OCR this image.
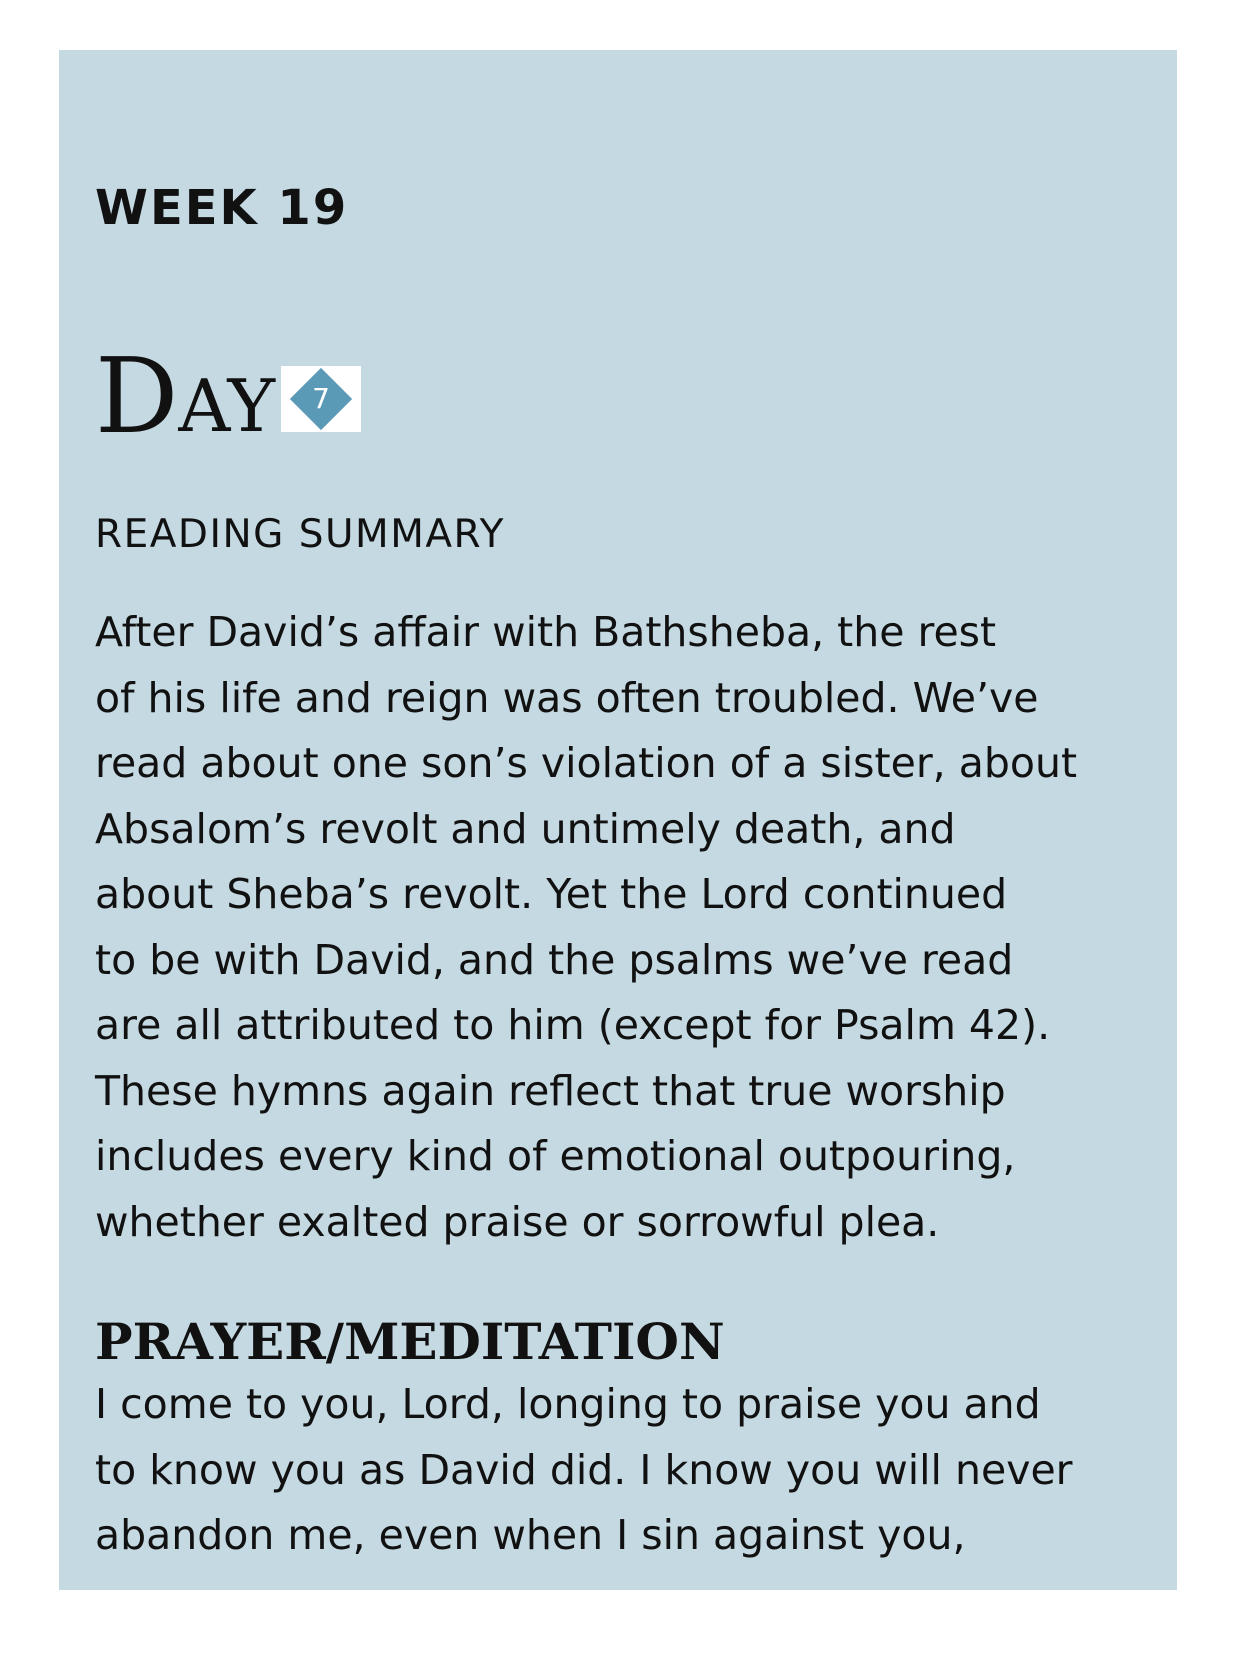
WEEK 19
D AY	7
READING SUMMARY

After David’s affair with Bathsheba, the rest
of his life and reign was often troubled. We’ve
read about one son’s violation of a sister, about
Absalom’s revolt and untimely death, and
about Sheba’s revolt. Yet the Lord continued
to be with David, and the psalms we’ve read
are all attributed to him (except for Psalm 42).
These hymns again reflect that true worship
includes every kind of emotional outpouring,
whether exalted praise or sorrowful plea.

PRAYER/MEDITATION
I come to you, Lord, longing to praise you and
to know you as David did. I know you will never
abandon me, even when I sin against you,
